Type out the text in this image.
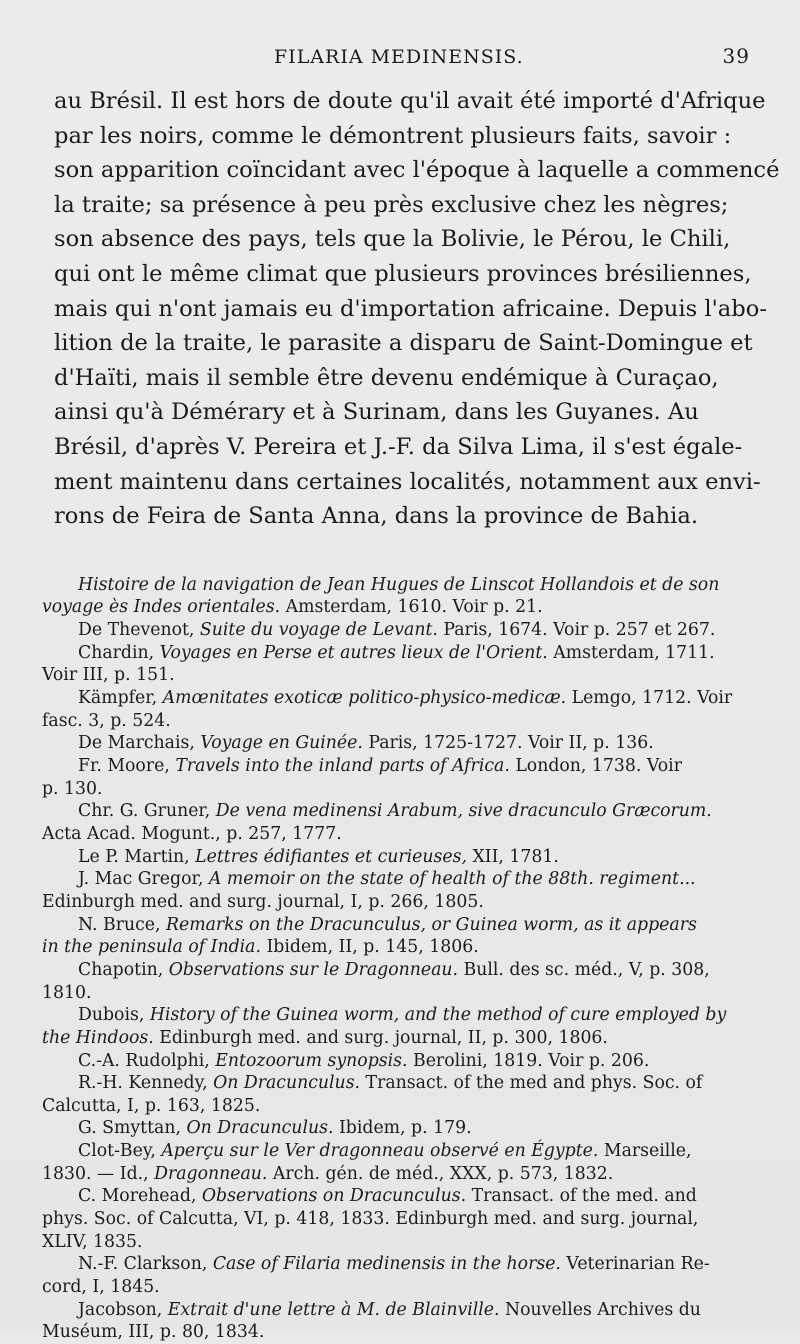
FILARIA MEDINENSIS.	39
au Brésil. Il est hors de doute qu'il avait été importé d'Afrique
par les noirs, comme le démontrent plusieurs faits, savoir :
son apparition coïncidant avec l'époque à laquelle a commencé
la traite; sa présence à peu près exclusive chez les nègres;
son absence des pays, tels que la Bolivie, le Pérou, le Chili,
qui ont le même climat que plusieurs provinces brésiliennes,
mais qui n'ont jamais eu d'importation africaine. Depuis l'abo-
lition de la traite, le parasite a disparu de Saint-Domingue et
d'Haïti, mais il semble être devenu endémique à Curaçao,
ainsi qu'à Démérary et à Surinam, dans les Guyanes. Au
Brésil, d'après V. Pereira et J.-F. da Silva Lima, il s'est égale-
ment maintenu dans certaines localités, notamment aux envi-
rons de Feira de Santa Anna, dans la province de Bahia.
Histoire de la navigation de Jean Hugues de Linscot Hollandois et de son
voyage ès Indes orientales. Amsterdam, 1610. Voir p. 21.
De Thevenot, Suite du voyage de Levant. Paris, 1674. Voir p. 257 et 267.
Chardin, Voyages en Perse et autres lieux de l'Orient. Amsterdam, 1711.
Voir III, p. 151.
Kämpfer, Amœnitates exoticæ politico-physico-medicæ. Lemgo, 1712. Voir
fasc. 3, p. 524.
De Marchais, Voyage en Guinée. Paris, 1725-1727. Voir II, p. 136.
Fr. Moore, Travels into the inland parts of Africa. London, 1738. Voir
p. 130.
Chr. G. Gruner, De vena medinensi Arabum, sive dracunculo Græcorum.
Acta Acad. Mogunt., p. 257, 1777.
Le P. Martin, Lettres édifiantes et curieuses, XII, 1781.
J. Mac Gregor, A memoir on the state of health of the 88th. regiment...
Edinburgh med. and surg. journal, I, p. 266, 1805.
N. Bruce, Remarks on the Dracunculus, or Guinea worm, as it appears
in the peninsula of India. Ibidem, II, p. 145, 1806.
Chapotin, Observations sur le Dragonneau. Bull. des sc. méd., V, p. 308,
1810.
Dubois, History of the Guinea worm, and the method of cure employed by
the Hindoos. Edinburgh med. and surg. journal, II, p. 300, 1806.
C.-A. Rudolphi, Entozoorum synopsis. Berolini, 1819. Voir p. 206.
R.-H. Kennedy, On Dracunculus. Transact. of the med and phys. Soc. of
Calcutta, I, p. 163, 1825.
G. Smyttan, On Dracunculus. Ibidem, p. 179.
Clot-Bey, Aperçu sur le Ver dragonneau observé en Égypte. Marseille,
1830. — Id., Dragonneau. Arch. gén. de méd., XXX, p. 573, 1832.
C. Morehead, Observations on Dracunculus. Transact. of the med. and
phys. Soc. of Calcutta, VI, p. 418, 1833. Edinburgh med. and surg. journal,
XLIV, 1835.
N.-F. Clarkson, Case of Filaria medinensis in the horse. Veterinarian Re-
cord, I, 1845.
Jacobson, Extrait d'une lettre à M. de Blainville. Nouvelles Archives du
Muséum, III, p. 80, 1834.
